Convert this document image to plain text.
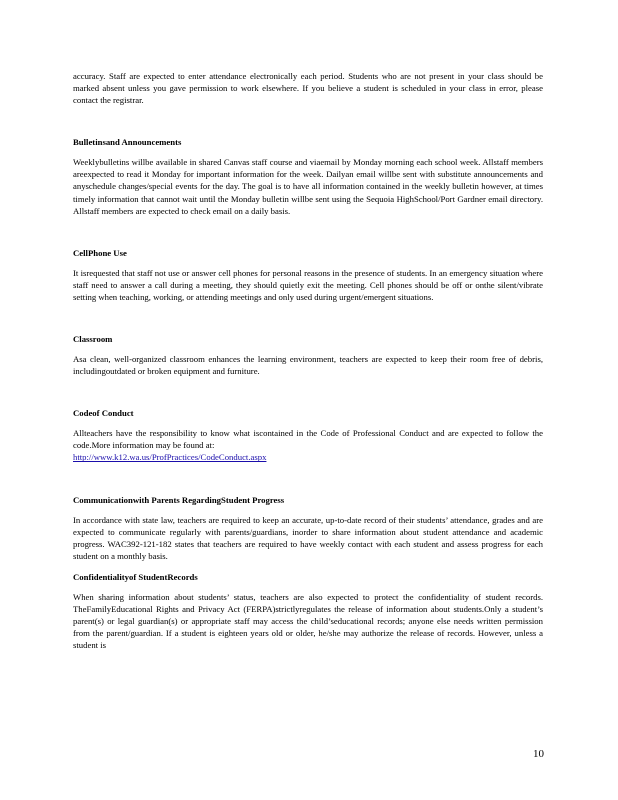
accuracy. Staff are expected to enter attendance electronically each period. Students who are not present in your class should be marked absent unless you gave permission to work elsewhere. If you believe a student is scheduled in your class in error, please contact the registrar.

Bulletinsand Announcements

Weeklybulletins willbe available in shared Canvas staff course and viaemail by Monday morning each school week. Allstaff members areexpected to read it Monday for important information for the week. Dailyan email willbe sent with substitute announcements and anyschedule changes/special events for the day. The goal is to have all information contained in the weekly bulletin however, at times timely information that cannot wait until the Monday bulletin willbe sent using the Sequoia HighSchool/Port Gardner email directory. Allstaff members are expected to check email on a daily basis.

CellPhone Use

It isrequested that staff not use or answer cell phones for personal reasons in the presence of students. In an emergency situation where staff need to answer a call during a meeting, they should quietly exit the meeting. Cell phones should be off or onthe silent/vibrate setting when teaching, working, or attending meetings and only used during urgent/emergent situations.

Classroom

Asa clean, well-organized classroom enhances the learning environment, teachers are expected to keep their room free of debris, includingoutdated or broken equipment and furniture.

Codeof Conduct

Allteachers have the responsibility to know what iscontained in the Code of Professional Conduct and are expected to follow the code.More information may be found at:

http://www.k12.wa.us/ProfPractices/CodeConduct.aspx

Communicationwith Parents RegardingStudent Progress

In accordance with state law, teachers are required to keep an accurate, up-to-date record of their students’ attendance, grades and are expected to communicate regularly with parents/guardians, inorder to share information about student attendance and academic progress. WAC392-121-182 states that teachers are required to have weekly contact with each student and assess progress for each student on a monthly basis.

Confidentialityof StudentRecords

When sharing information about students’ status, teachers are also expected to protect the confidentiality of student records. TheFamilyEducational Rights and Privacy Act (FERPA)strictlyregulates the release of information about students.Only a student’s parent(s) or legal guardian(s) or appropriate staff may access the child’seducational records; anyone else needs written permission from the parent/guardian. If a student is eighteen years old or older, he/she may authorize the release of records. However, unless a student is

10
